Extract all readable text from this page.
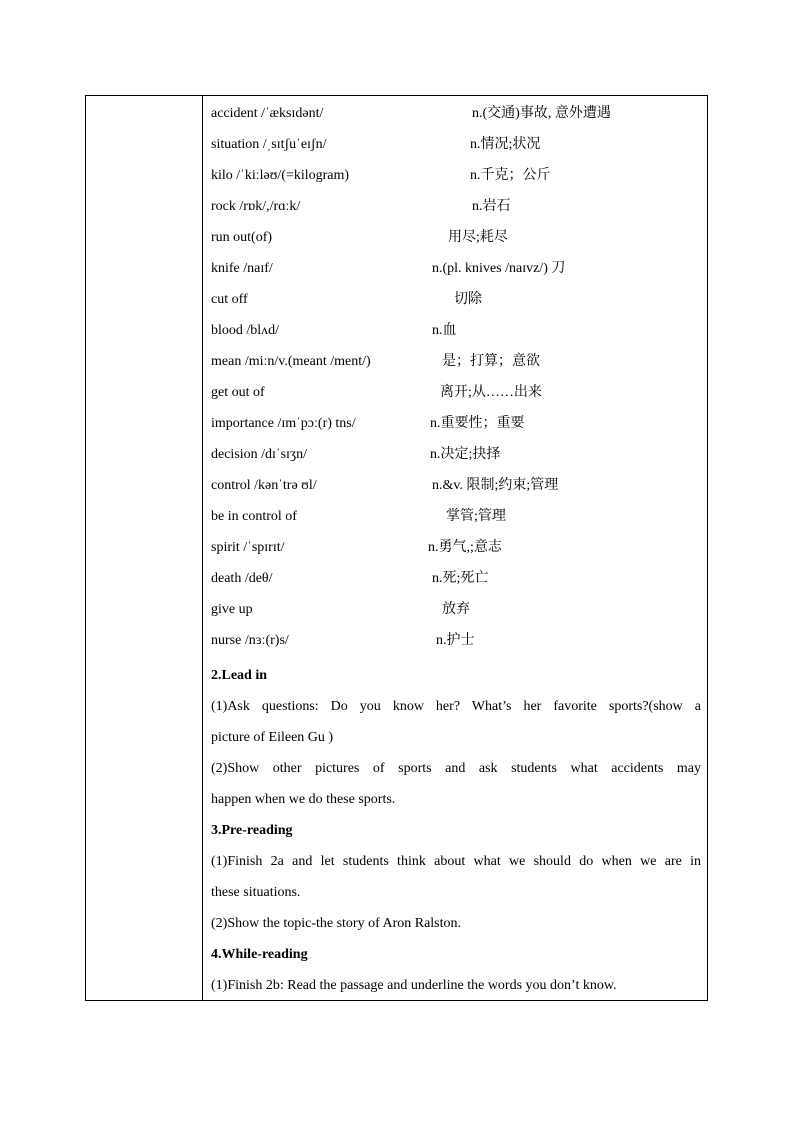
accident /ˈæksɪdənt/	n.(交通)事故, 意外遭遇
situation /ˌsɪtʃuˈeɪʃn/	n.情况;状况
kilo /ˈkiːləʊ/(=kilogram)	n.千克；公斤
rock /rɒk/,/rɑːk/	n.岩石
run out(of)	用尽;耗尽
knife /naɪf/	n.(pl. knives /naɪvz/) 刀
cut off	切除
blood /blʌd/	n.血
mean /miːn/v.(meant /ment/)	是；打算；意欲
get out of	离开;从……出来
importance /ɪmˈpɔː(r) tns/	n.重要性；重要
decision /dɪˈsɪʒn/	n.决定;抉择
control /kənˈtrə ʊl/	n.&v. 限制;约束;管理
be in control of	掌管;管理
spirit /ˈspɪrɪt/	n.勇气,;意志
death /deθ/	n.死;死亡
give up	放弃
nurse /nɜː(r)s/	n.护士
2.Lead in
(1)Ask questions: Do you know her? What’s her favorite sports?(show a
picture of Eileen Gu )
(2)Show other pictures of sports and ask students what accidents may
happen when we do these sports.
3.Pre-reading
(1)Finish 2a and let students think about what we should do when we are in
these situations.
(2)Show the topic-the story of Aron Ralston.
4.While-reading
(1)Finish 2b: Read the passage and underline the words you don’t know.
